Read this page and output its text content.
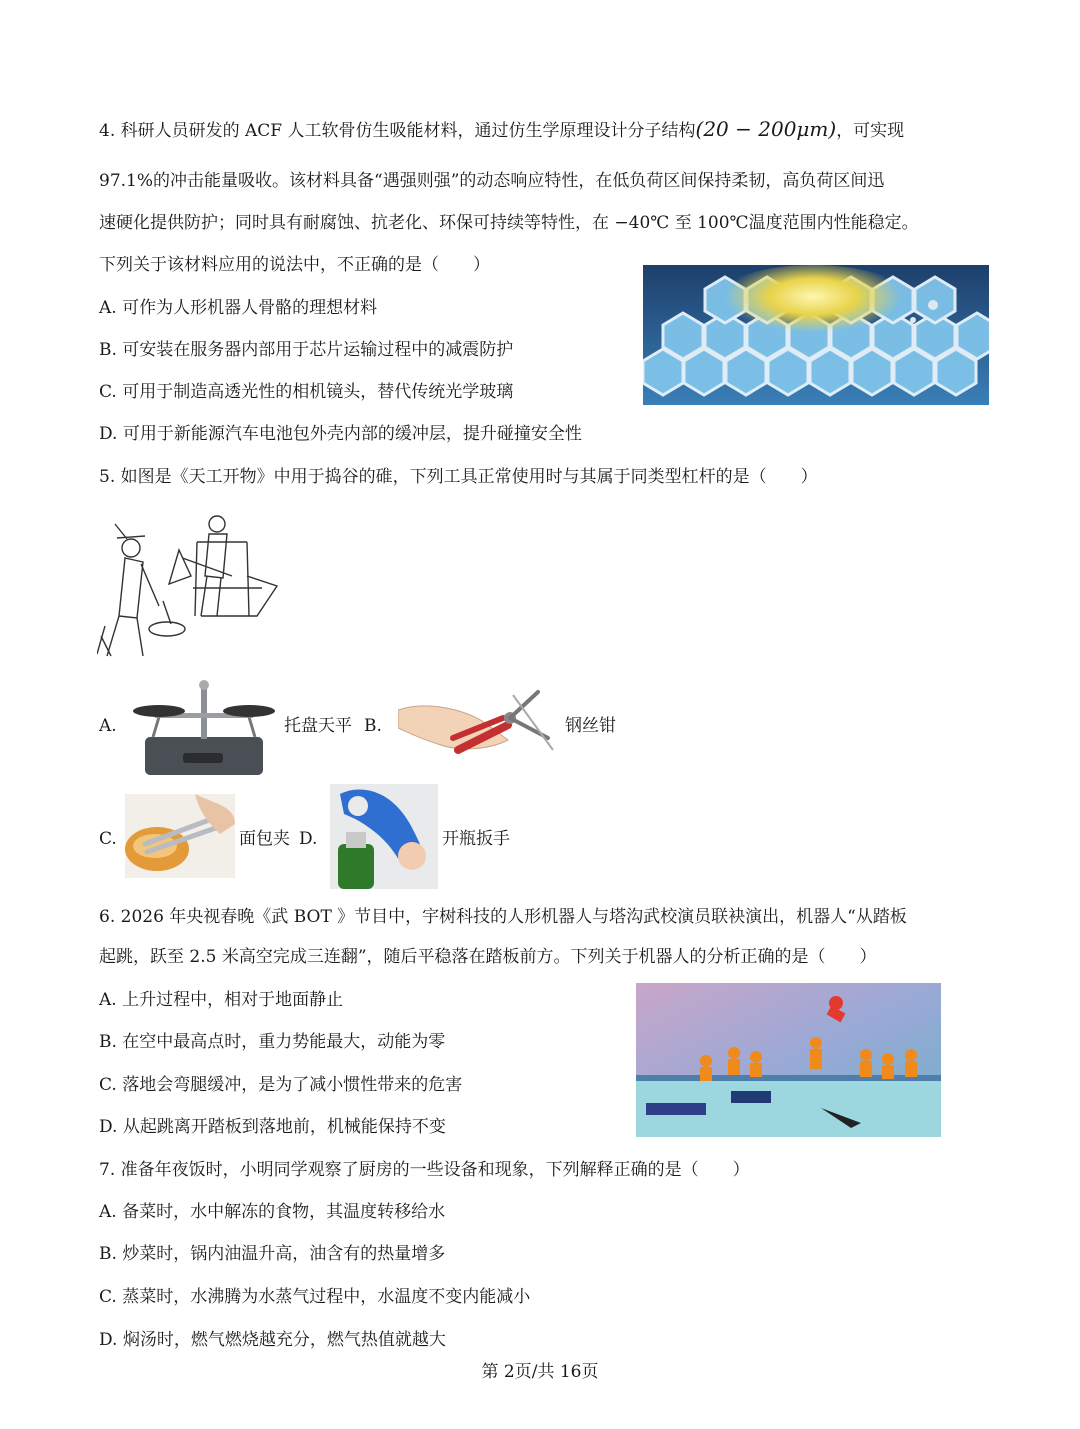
4. 科研人员研发的 ACF 人工软骨仿生吸能材料，通过仿生学原理设计分子结构(20 − 200μm)，可实现
97.1%的冲击能量吸收。该材料具备“遇强则强”的动态响应特性，在低负荷区间保持柔韧，高负荷区间迅
速硬化提供防护；同时具有耐腐蚀、抗老化、环保可持续等特性，在 −40℃ 至 100℃温度范围内性能稳定。
下列关于该材料应用的说法中，不正确的是（　　）
A. 可作为人形机器人骨骼的理想材料
B. 可安装在服务器内部用于芯片运输过程中的减震防护
C. 可用于制造高透光性的相机镜头，替代传统光学玻璃
D. 可用于新能源汽车电池包外壳内部的缓冲层，提升碰撞安全性
5. 如图是《天工开物》中用于捣谷的碓，下列工具正常使用时与其属于同类型杠杆的是（　　）
A.	托盘天平 B.	钢丝钳
C.	面包夹 D.	开瓶扳手
6. 2026 年央视春晚《武 BOT 》节目中，宇树科技的人形机器人与塔沟武校演员联袂演出，机器人“从踏板
起跳，跃至 2.5 米高空完成三连翻”，随后平稳落在踏板前方。下列关于机器人的分析正确的是（　　）
A. 上升过程中，相对于地面静止
B. 在空中最高点时，重力势能最大，动能为零
C. 落地会弯腿缓冲，是为了减小惯性带来的危害
D. 从起跳离开踏板到落地前，机械能保持不变
7. 准备年夜饭时，小明同学观察了厨房的一些设备和现象，下列解释正确的是（　　）
A. 备菜时，水中解冻的食物，其温度转移给水
B. 炒菜时，锅内油温升高，油含有的热量增多
C. 蒸菜时，水沸腾为水蒸气过程中，水温度不变内能减小
D. 焖汤时，燃气燃烧越充分，燃气热值就越大
第 2页/共 16页
